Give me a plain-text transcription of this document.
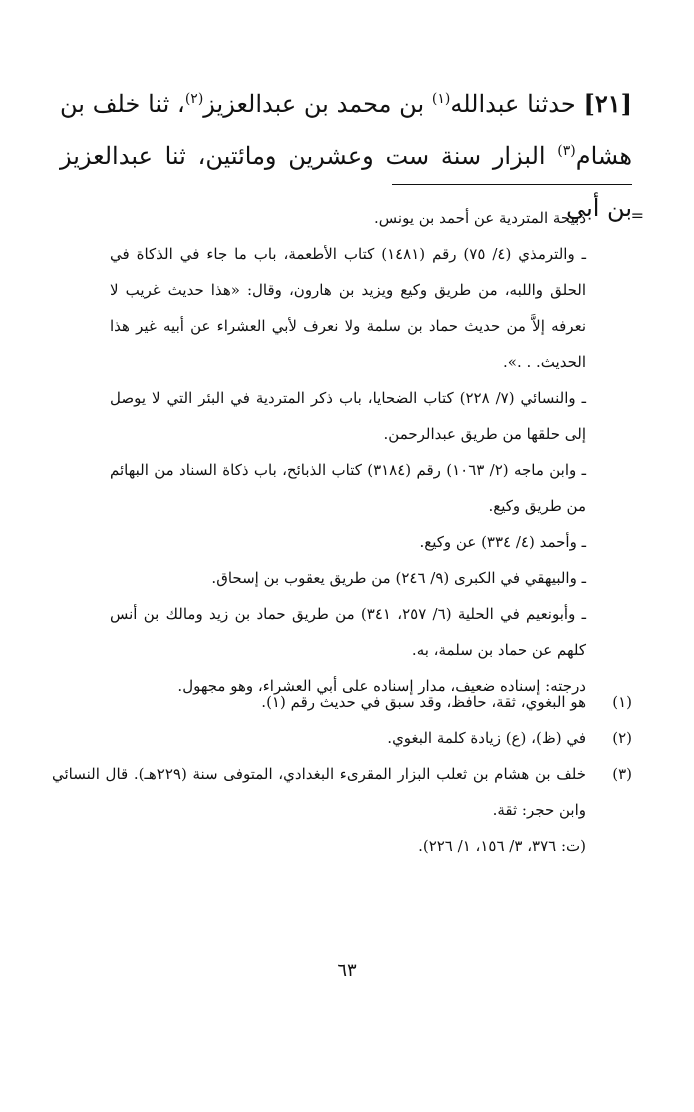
[٢١] حدثنا عبدالله$^{(١)}$ بن محمد بن عبدالعزيز$^{(٢)}$، ثنا خلف بن هشام$^{(٣)}$ البزار سنة ست وعشرين ومائتين، ثنا عبدالعزيز بن أبي
=

ذبيحة المتردية عن أحمد بن يونس.

ـ والترمذي (٤/ ٧٥) رقم (١٤٨١) كتاب الأطعمة، باب ما جاء في الذكاة في الحلق واللبه، من طريق وكيع ويزيد بن هارون، وقال: «هذا حديث غريب لا نعرفه إلاَّ من حديث حماد بن سلمة ولا نعرف لأبي العشراء عن أبيه غير هذا الحديث. . .».

ـ والنسائي (٧/ ٢٢٨) كتاب الضحايا، باب ذكر المتردية في البئر التي لا يوصل إلى حلقها من طريق عبدالرحمن.

ـ وابن ماجه (٢/ ١٠٦٣) رقم (٣١٨٤) كتاب الذبائح، باب ذكاة السناد من البهائم من طريق وكيع.

ـ وأحمد (٤/ ٣٣٤) عن وكيع.

ـ والبيهقي في الكبرى (٩/ ٢٤٦) من طريق يعقوب بن إسحاق.

ـ وأبونعيم في الحلية (٦/ ٢٥٧، ٣٤١) من طريق حماد بن زيد ومالك بن أنس كلهم عن حماد بن سلمة، به.

درجته: إسناده ضعيف، مدار إسناده على أبي العشراء، وهو مجهول.

(١)
هو البغوي، ثقة، حافظ، وقد سبق في حديث رقم (١).

(٢)
في (ظ)، (ع) زيادة كلمة البغوي.

(٣)
خلف بن هشام بن ثعلب البزار المقرىء البغدادي، المتوفى سنة (٢٢٩هـ). قال النسائي وابن حجر: ثقة.
(ت: ٣٧٦، ٣/ ١٥٦، ١/ ٢٢٦).

٦٣
